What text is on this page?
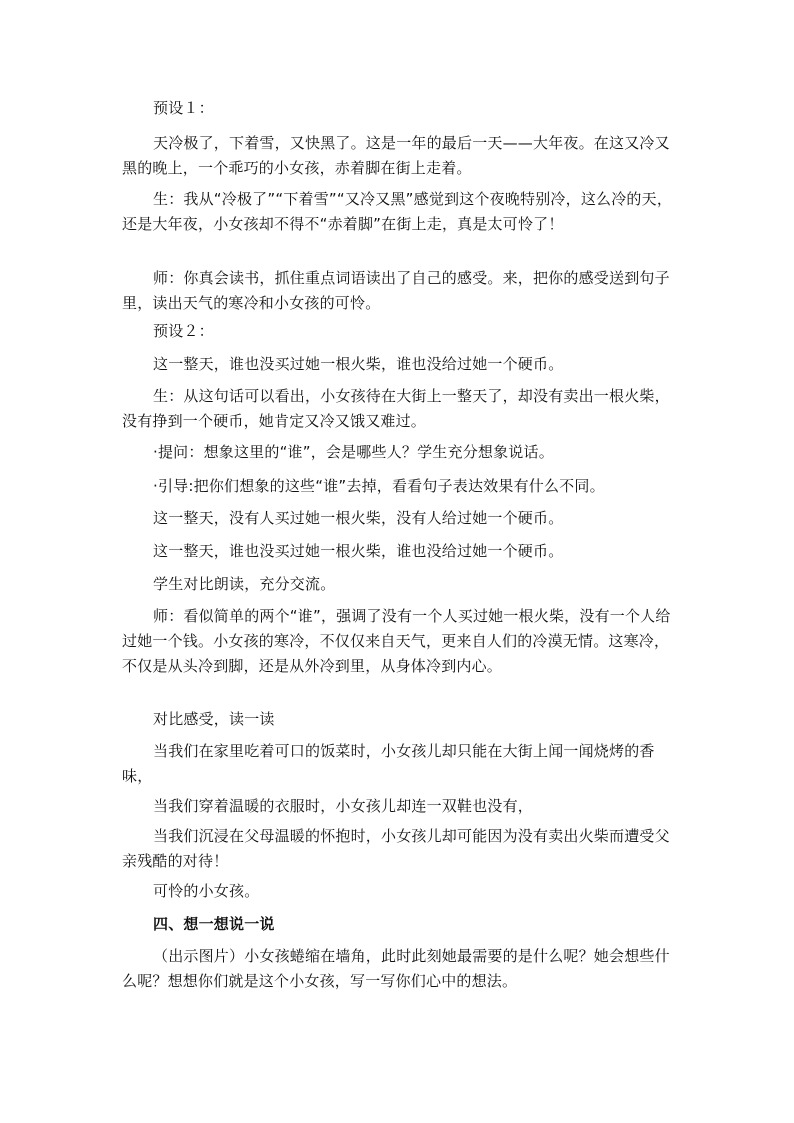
预设１：

天冷极了，下着雪，又快黑了。这是一年的最后一天——大年夜。在这又冷又黑的晚上，一个乖巧的小女孩，赤着脚在街上走着。

生：我从“冷极了”“下着雪”“又冷又黑”感觉到这个夜晚特别冷，这么冷的天，还是大年夜，小女孩却不得不“赤着脚”在街上走，真是太可怜了！

师：你真会读书，抓住重点词语读出了自己的感受。来，把你的感受送到句子里，读出天气的寒冷和小女孩的可怜。

预设２：

这一整天，谁也没买过她一根火柴，谁也没给过她一个硬币。

生：从这句话可以看出，小女孩待在大街上一整天了，却没有卖出一根火柴，没有挣到一个硬币，她肯定又冷又饿又难过。

·提问：想象这里的“谁”，会是哪些人？学生充分想象说话。

·引导:把你们想象的这些“谁”去掉，看看句子表达效果有什么不同。

这一整天，没有人买过她一根火柴，没有人给过她一个硬币。

这一整天，谁也没买过她一根火柴，谁也没给过她一个硬币。

学生对比朗读，充分交流。

师：看似简单的两个“谁”，强调了没有一个人买过她一根火柴，没有一个人给过她一个钱。小女孩的寒冷，不仅仅来自天气，更来自人们的冷漠无情。这寒冷，不仅是从头冷到脚，还是从外冷到里，从身体冷到内心。

对比感受，读一读

当我们在家里吃着可口的饭菜时，小女孩儿却只能在大街上闻一闻烧烤的香味，

当我们穿着温暖的衣服时，小女孩儿却连一双鞋也没有，

当我们沉浸在父母温暖的怀抱时，小女孩儿却可能因为没有卖出火柴而遭受父亲残酷的对待！

可怜的小女孩。

四、想一想说一说

（出示图片）小女孩蜷缩在墙角，此时此刻她最需要的是什么呢？她会想些什么呢？想想你们就是这个小女孩，写一写你们心中的想法。
